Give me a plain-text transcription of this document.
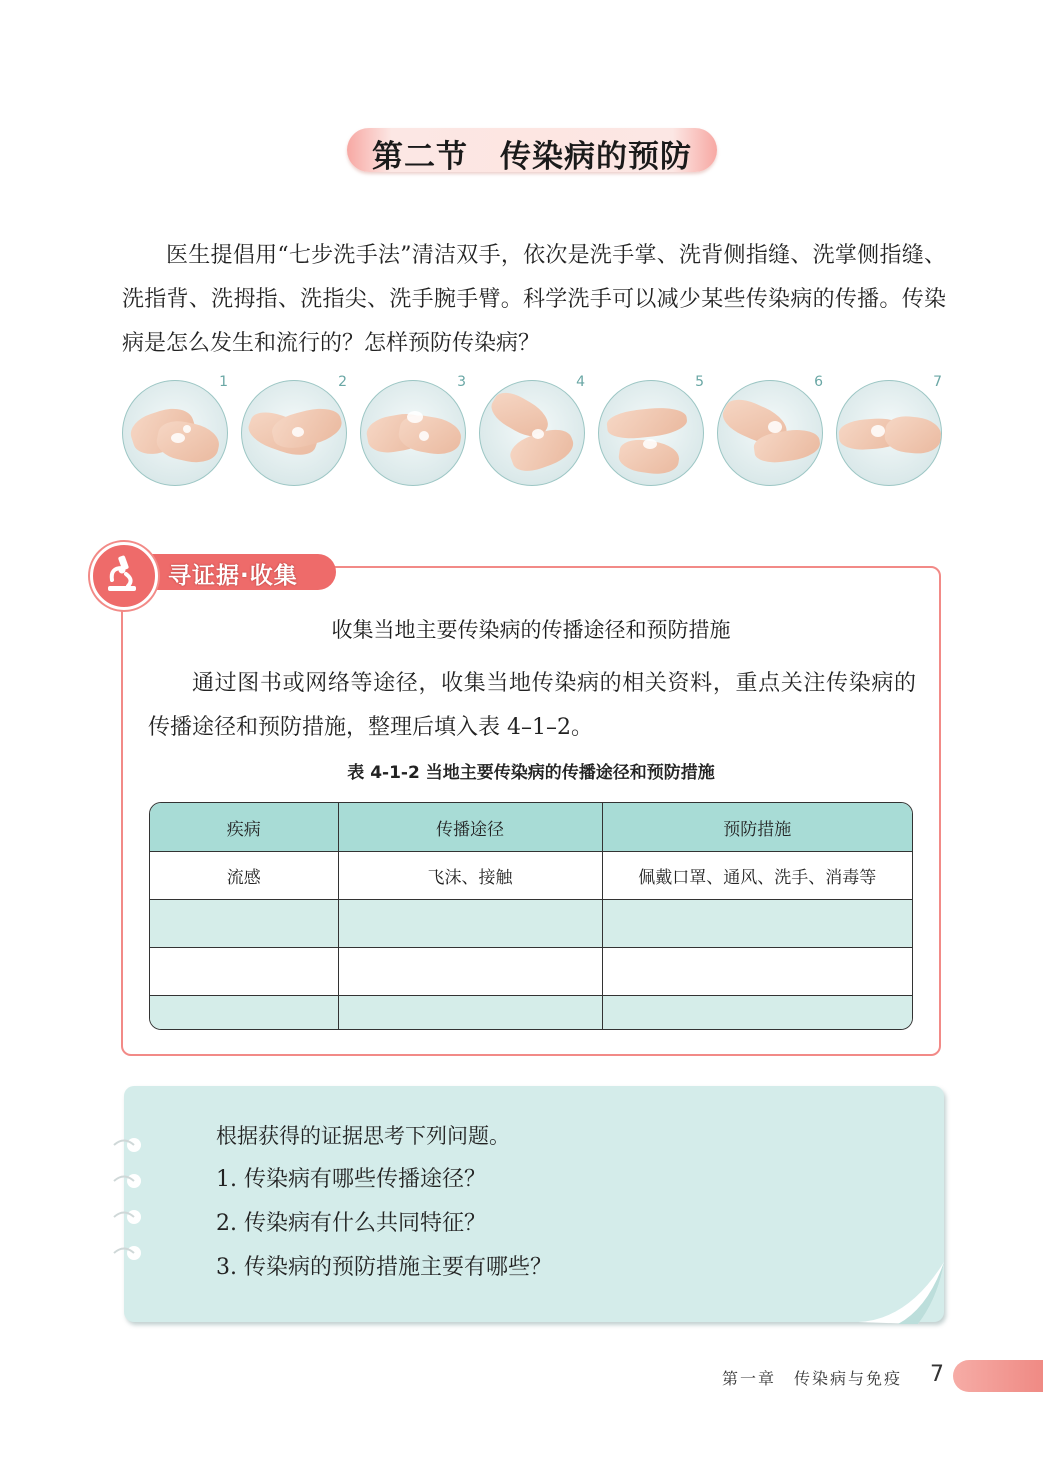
第二节　传染病的预防

医生提倡用“七步洗手法”清洁双手，依次是洗手掌、洗背侧指缝、洗掌侧指缝、洗指背、洗拇指、洗指尖、洗手腕手臂。科学洗手可以减少某些传染病的传播。传染病是怎么发生和流行的？怎样预防传染病？

1	2	3	4	5	6	7
寻证据·收集
收集当地主要传染病的传播途径和预防措施

通过图书或网络等途径，收集当地传染病的相关资料，重点关注传染病的传播途径和预防措施，整理后填入表 4–1–2。

表 4-1-2 当地主要传染病的传播途径和预防措施
疾病	传播途径	预防措施
流感	飞沫、接触	佩戴口罩、通风、洗手、消毒等

根据获得的证据思考下列问题。
1. 传染病有哪些传播途径？
2. 传染病有什么共同特征？
3. 传染病的预防措施主要有哪些？
第一章　传染病与免疫 7
